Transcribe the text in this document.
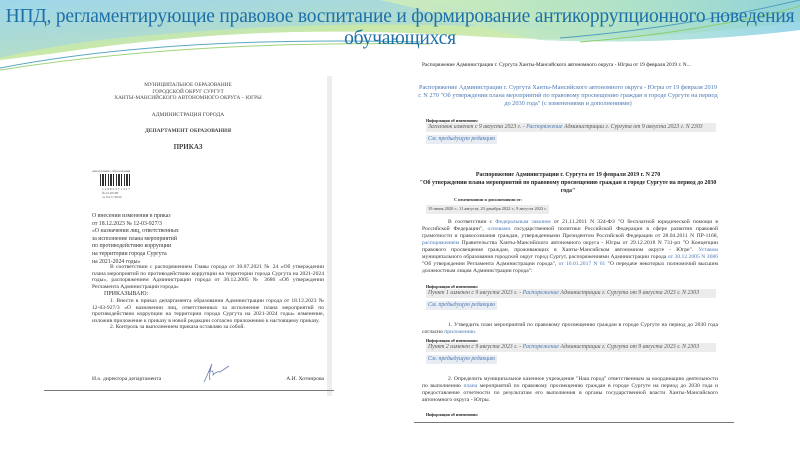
НПД, регламентирующие правовое воспитание и формирование антикоррупционного поведения обучающихся
МУНИЦИПАЛЬНОЕ ОБРАЗОВАНИЕ
ГОРОДСКОЙ ОКРУГ СУРГУТ
ХАНТЫ-МАНСИЙСКОГО АВТОНОМНОГО ОКРУГА – ЮГРЫ
АДМИНИСТРАЦИЯ ГОРОДА
ДЕПАРТАМЕНТ ОБРАЗОВАНИЯ
ПРИКАЗ
департамент образования
1 1 9 9 2 3 7 1 3 1 7
№12-03-98
от 04.??.2024
О внесении изменения в приказ
от 18.12.2023 № 12-03-927/3
«О назначении лиц, ответственных
за исполнение плана мероприятий
по противодействию коррупции
на территории города Сургута
на 2021-2024 годы»

В соответствии с распоряжением Главы города от 30.07.2021 № 24 «Об утверждении плана мероприятий по противодействию коррупции на территории города Сургута на 2021-2024 годы», распоряжением Администрации города от 30.12.2005 № 3686 «Об утверждении Регламента Администрации города»

ПРИКАЗЫВАЮ:

1. Внести в приказ департамента образования Администрации города от 18.12.2023 № 12-03-927/3 «О назначении лиц, ответственных за исполнение плана мероприятий по противодействию коррупции на территории города Сургута на 2021-2024 годы» изменение, изложив приложение к приказу в новой редакции согласно приложению к настоящему приказу.

2. Контроль за выполнением приказа оставляю за собой.

И.о. директора департамента	А.И. Хотинрова
Распоряжение Администрации г. Сургута Ханты-Мансийского автономного округа - Югры от 19 февраля 2019 г. N...
Распоряжение Администрации г. Сургута Ханты-Мансийского автономного округа - Югры от 19 февраля 2019 г. N 270 "Об утверждении плана мероприятий по правовому просвещению граждан в городе Сургуте на период до 2030 года" (с изменениями и дополнениями)
Информация об изменениях:
Заголовок изменен с 9 августа 2023 г. - Распоряжение Администрации г. Сургута от 9 августа 2023 г. N 2303
См. предыдущую редакцию
Распоряжение Администрации г. Сургута от 19 февраля 2019 г. N 270
"Об утверждении плана мероприятий по правовому просвещению граждан в городе Сургуте на период до 2030 года"
С изменениями и дополнениями от:
19 июня 2020 г., 11 августа, 23 декабря 2022 г., 9 августа 2023 г.
В соответствии с Федеральным законом от 21.11.2011 N 324-ФЗ "О бесплатной юридической помощи в Российской Федерации", основами государственной политики Российской Федерации в сфере развития правовой грамотности и правосознания граждан, утвержденными Президентом Российской Федерации от 28.04.2011 N ПР-1168, распоряжением Правительства Ханты-Мансийского автономного округа - Югры от 29.12.2018 N 731-рп "О Концепции правового просвещения граждан, проживающих в Ханты-Мансийском автономном округе - Югре". Уставом муниципального образования городской округ город Сургут, распоряжениями Администрации города от 30.12.2005 N 3686 "Об утверждении Регламента Администрации города", от 10.01.2017 N 01 "О передаче некоторых полномочий высшим должностным лицам Администрации города":
Информация об изменениях:
Пункт 1 изменен с 9 августа 2023 г. - Распоряжение Администрации г. Сургута от 9 августа 2023 г. N 2303
См. предыдущую редакцию
1. Утвердить план мероприятий по правовому просвещению граждан в городе Сургуте на период до 2030 года согласно приложению.
Информация об изменениях:
Пункт 2 изменен с 9 августа 2023 г. - Распоряжение Администрации г. Сургута от 9 августа 2023 г. N 2303
См. предыдущую редакцию
2. Определить муниципальное казенное учреждение "Наш город" ответственным за координацию деятельности по выполнению плана мероприятий по правовому просвещению граждан в городе Сургуте на период до 2030 года и предоставление отчетности по результатам его выполнения в органы государственной власти Ханты-Мансийского автономного округа - Югры.
Информация об изменениях:
